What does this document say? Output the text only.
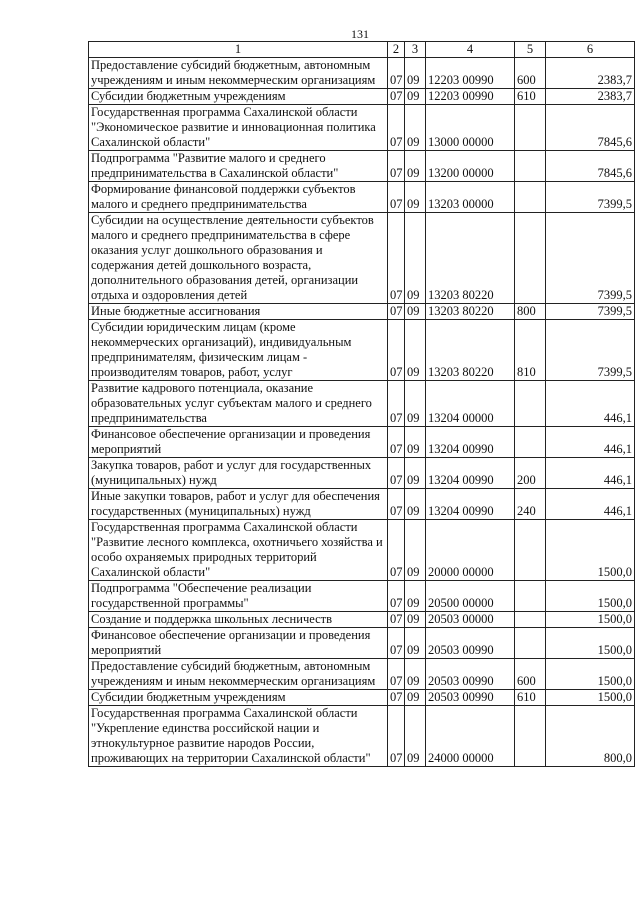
131
1	2	3	4	5	6
Предоставление субсидий бюджетным, автономным учреждениям и иным некоммерческим организациям	07	09	12203 00990	600	2383,7
Субсидии бюджетным учреждениям	07	09	12203 00990	610	2383,7
Государственная программа Сахалинской области "Экономическое развитие и инновационная политика Сахалинской области"	07	09	13000 00000		7845,6
Подпрограмма "Развитие малого и среднего предпринимательства в Сахалинской области"	07	09	13200 00000		7845,6
Формирование финансовой поддержки субъектов малого и среднего предпринимательства	07	09	13203 00000		7399,5
Субсидии на осуществление деятельности субъектов малого и среднего предпринимательства в сфере оказания услуг дошкольного образования и содержания детей дошкольного возраста, дополнительного образования детей, организации отдыха и оздоровления детей	07	09	13203 80220		7399,5
Иные бюджетные ассигнования	07	09	13203 80220	800	7399,5
Субсидии юридическим лицам (кроме некоммерческих организаций), индивидуальным предпринимателям, физическим лицам - производителям товаров, работ, услуг	07	09	13203 80220	810	7399,5
Развитие кадрового потенциала, оказание образовательных услуг субъектам малого и среднего предпринимательства	07	09	13204 00000		446,1
Финансовое обеспечение организации и проведения мероприятий	07	09	13204 00990		446,1
Закупка товаров, работ и услуг для государственных (муниципальных) нужд	07	09	13204 00990	200	446,1
Иные закупки товаров, работ и услуг для обеспечения государственных (муниципальных) нужд	07	09	13204 00990	240	446,1
Государственная программа Сахалинской области "Развитие лесного комплекса, охотничьего хозяйства и особо охраняемых природных территорий Сахалинской области"	07	09	20000 00000		1500,0
Подпрограмма "Обеспечение реализации государственной программы"	07	09	20500 00000		1500,0
Создание и поддержка школьных лесничеств	07	09	20503 00000		1500,0
Финансовое обеспечение организации и проведения мероприятий	07	09	20503 00990		1500,0
Предоставление субсидий бюджетным, автономным учреждениям и иным некоммерческим организациям	07	09	20503 00990	600	1500,0
Субсидии бюджетным учреждениям	07	09	20503 00990	610	1500,0
Государственная программа Сахалинской области "Укрепление единства российской нации и этнокультурное развитие народов России, проживающих на территории Сахалинской области"	07	09	24000 00000		800,0
